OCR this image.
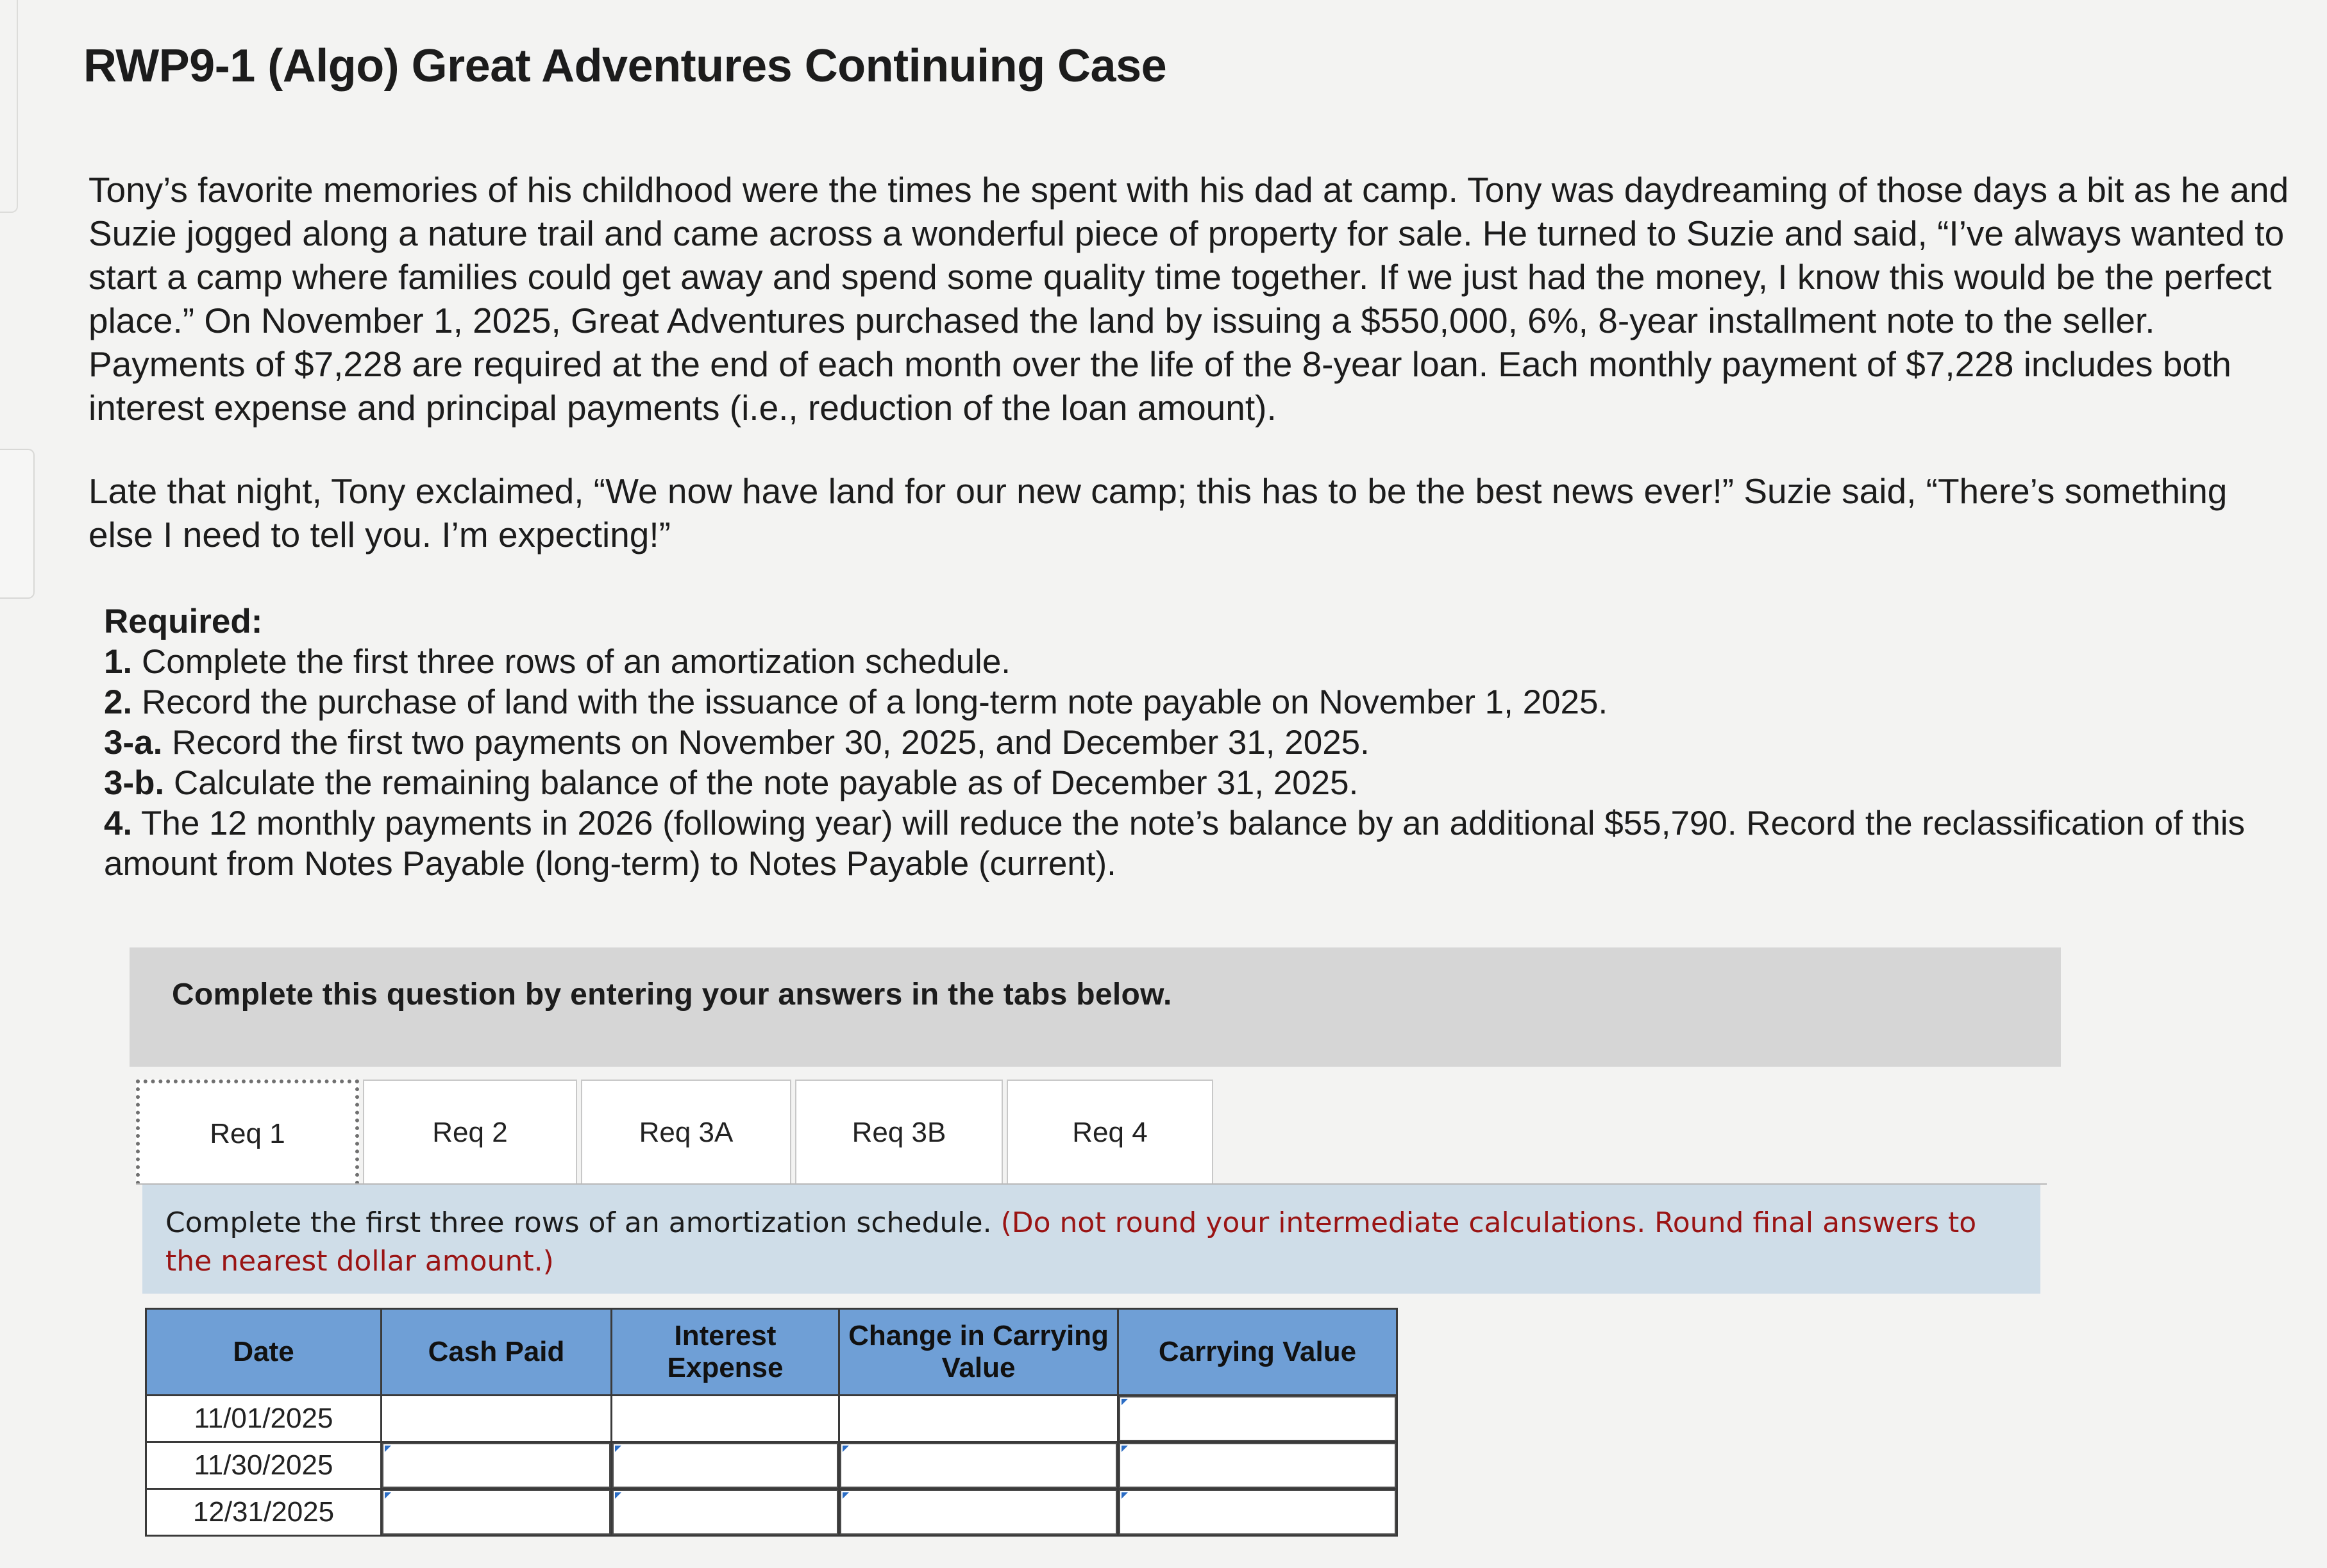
RWP9-1 (Algo) Great Adventures Continuing Case

Tony’s favorite memories of his childhood were the times he spent with his dad at camp. Tony was daydreaming of those days a bit as he and Suzie jogged along a nature trail and came across a wonderful piece of property for sale. He turned to Suzie and said, “I’ve always wanted to start a camp where families could get away and spend some quality time together. If we just had the money, I know this would be the perfect place.” On November 1, 2025, Great Adventures purchased the land by issuing a $550,000, 6%, 8-year installment note to the seller. Payments of $7,228 are required at the end of each month over the life of the 8-year loan. Each monthly payment of $7,228 includes both interest expense and principal payments (i.e., reduction of the loan amount).

Late that night, Tony exclaimed, “We now have land for our new camp; this has to be the best news ever!” Suzie said, “There’s something else I need to tell you. I’m expecting!”

Required:
1. Complete the first three rows of an amortization schedule.
2. Record the purchase of land with the issuance of a long-term note payable on November 1, 2025.
3-a. Record the first two payments on November 30, 2025, and December 31, 2025.
3-b. Calculate the remaining balance of the note payable as of December 31, 2025.
4. The 12 monthly payments in 2026 (following year) will reduce the note’s balance by an additional $55,790. Record the reclassification of this amount from Notes Payable (long-term) to Notes Payable (current).
Complete this question by entering your answers in the tabs below.
Req 1	Req 2	Req 3A	Req 3B	Req 4
Complete the first three rows of an amortization schedule. (Do not round your intermediate calculations. Round final answers to the nearest dollar amount.)
Date	Cash Paid	Interest Expense	Change in Carrying Value	Carrying Value
11/01/2025				

11/30/2025	

12/31/2025	
